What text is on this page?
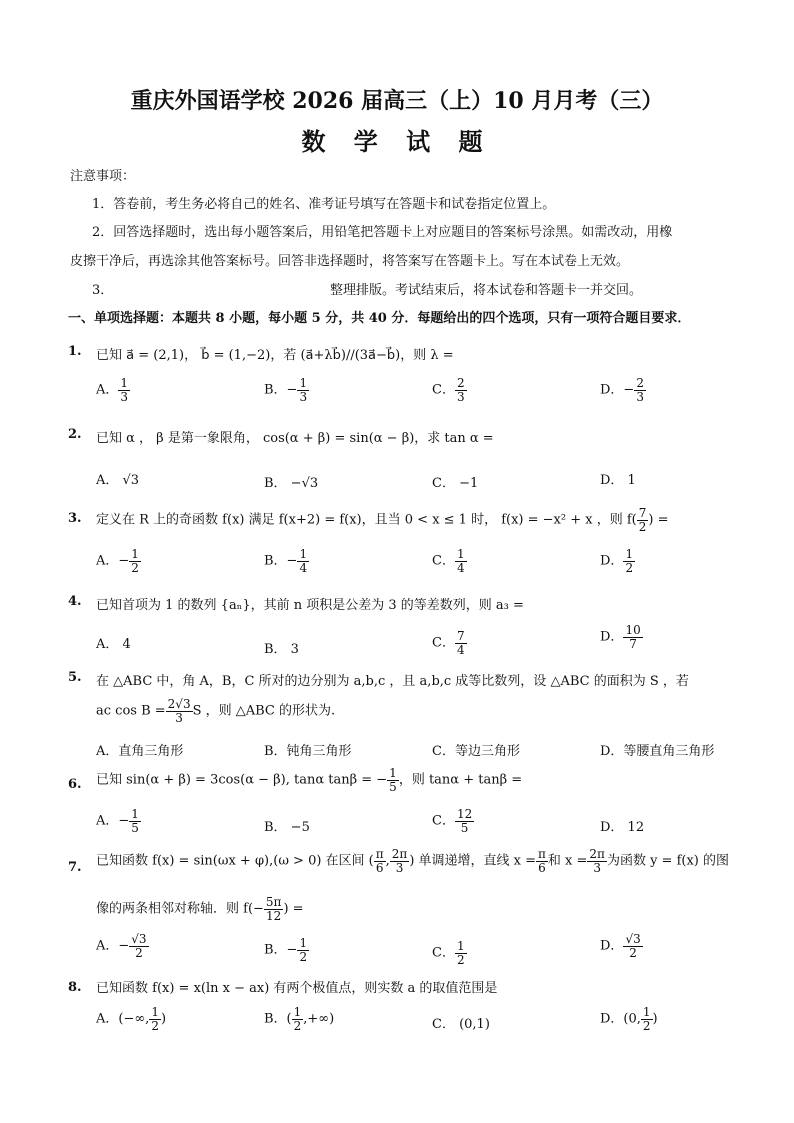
重庆外国语学校 2026 届高三（上）10 月月考（三）
数 学 试 题
注意事项：
1．答卷前，考生务必将自己的姓名、准考证号填写在答题卡和试卷指定位置上。
2．回答选择题时，选出每小题答案后，用铅笔把答题卡上对应题目的答案标号涂黑。如需改动，用橡
皮擦干净后，再选涂其他答案标号。回答非选择题时，将答案写在答题卡上。写在本试卷上无效。
3．	整理排版。考试结束后，将本试卷和答题卡一并交回。
一、单项选择题：本题共 8 小题，每小题 5 分，共 40 分．每题给出的四个选项，只有一项符合题目要求．
1. 已知 a⃗ = (2,1)， b⃗ = (1,−2)，若 (a⃗+λb⃗)//(3a⃗−b⃗)，则 λ =
A． $\frac{1}{3}$	B．− $\frac{1}{3}$	C． $\frac{2}{3}$	D．− $\frac{2}{3}$
2. 已知 α ， β 是第一象限角， cos(α + β) = sin(α − β)，求 tan α =
A． √3	B． −√3	C． −1	D． 1
3. 定义在 R 上的奇函数 f(x) 满足 f(x+2) = f(x)，且当 0 < x ≤ 1 时， f(x) = −x² + x ，则 $f( \frac{7}{2}$ ) =
A．− $\frac{1}{2}$	B．− $\frac{1}{4}$	C． $\frac{1}{4}$	D． $\frac{1}{2}$
4. 已知首项为 1 的数列 {aₙ}，其前 n 项积是公差为 3 的等差数列，则 a₃ =
A． 4	B． 3	C． $\frac{7}{4}$	D． $\frac{10}{7}$
5. 在 △ABC 中，角 A，B，C 所对的边分别为 a,b,c ，且 a,b,c 成等比数列，设 △ABC 的面积为 S ，若
ac $\cos B = \frac{2√3}{3}$ S ，则 △ABC 的形状为.
A．直角三角形	B．钝角三角形	C．等边三角形	D．等腰直角三角形
6. 已知 sin(α + β) = 3cos(α − β), tanα tanβ = − $\frac{1}{5}$ ，则 tanα + tanβ =
A．− $\frac{1}{5}$	B． −5	C． $\frac{12}{5}$	D． 12
7. 已知函数 f(x) = sin(ωx + φ),(ω > 0) 在区间 ( $\frac{\pi}{6}$ , $\frac{2\pi}{3}$ ) 单调递增，直线 $x = \frac{\pi}{6}$ 和 $x = \frac{2\pi}{3}$ 为函数 y = f(x) 的图
像的两条相邻对称轴．则 $f(- \frac{5\pi}{12}$ ) =
A．− $\frac{√3}{2}$	B．− $\frac{1}{2}$	C． $\frac{1}{2}$	D． $\frac{√3}{2}$
8. 已知函数 f(x) = x(ln x − ax) 有两个极值点，则实数 a 的取值范围是
A．(−∞, $\frac{1}{2}$ )	B．( $\frac{1}{2}$ ,+∞)	C． (0,1)	D．(0, $\frac{1}{2}$ )
